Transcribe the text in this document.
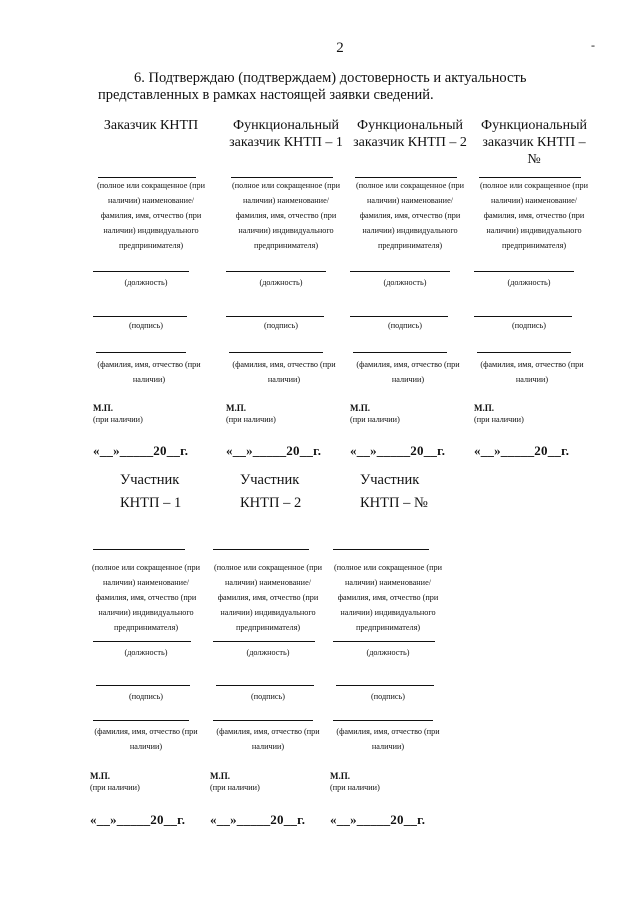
2	-
6. Подтверждаю (подтверждаем) достоверность и актуальность представленных в рамках настоящей заявки сведений.
Заказчик КНТП
(полное или сокращенное (при наличии) наименование/ фамилия, имя, отчество (при наличии) индивидуального предпринимателя)
(должность)
(подпись)
(фамилия, имя, отчество (при наличии)
М.П.
(при наличии)
«__»_____20__г.
Функциональный заказчик КНТП – 1
(полное или сокращенное (при наличии) наименование/ фамилия, имя, отчество (при наличии) индивидуального предпринимателя)
(должность)
(подпись)
(фамилия, имя, отчество (при наличии)
М.П.
(при наличии)
«__»_____20__г.
Функциональный заказчик КНТП – 2
(полное или сокращенное (при наличии) наименование/ фамилия, имя, отчество (при наличии) индивидуального предпринимателя)
(должность)
(подпись)
(фамилия, имя, отчество (при наличии)
М.П.
(при наличии)
«__»_____20__г.
Функциональный заказчик КНТП – №
(полное или сокращенное (при наличии) наименование/ фамилия, имя, отчество (при наличии) индивидуального предпринимателя)
(должность)
(подпись)
(фамилия, имя, отчество (при наличии)
М.П.
(при наличии)
«__»_____20__г.
Участник
КНТП – 1
(полное или сокращенное (при наличии) наименование/ фамилия, имя, отчество (при наличии) индивидуального предпринимателя)
(должность)
(подпись)
(фамилия, имя, отчество (при наличии)
М.П.
(при наличии)
«__»_____20__г.
Участник
КНТП – 2
(полное или сокращенное (при наличии) наименование/ фамилия, имя, отчество (при наличии) индивидуального предпринимателя)
(должность)
(подпись)
(фамилия, имя, отчество (при наличии)
М.П.
(при наличии)
«__»_____20__г.
Участник
КНТП – №
(полное или сокращенное (при наличии) наименование/ фамилия, имя, отчество (при наличии) индивидуального предпринимателя)
(должность)
(подпись)
(фамилия, имя, отчество (при наличии)
М.П.
(при наличии)
«__»_____20__г.
